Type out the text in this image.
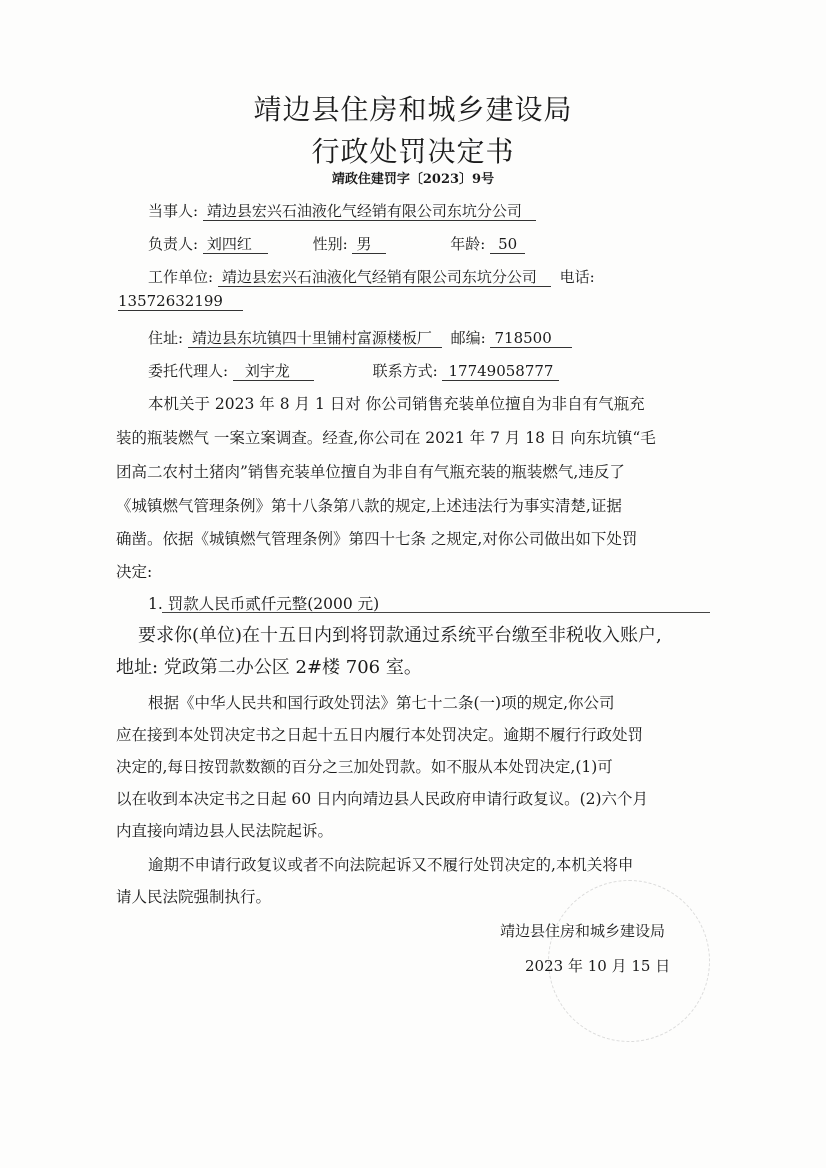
靖边县住房和城乡建设局
行政处罚决定书
靖政住建罚字〔2023〕9号
当事人: 靖边县宏兴石油液化气经销有限公司东坑分公司
负责人: 刘四红	性别: 男	年龄: 50
工作单位: 靖边县宏兴石油液化气经销有限公司东坑分公司 电话:
13572632199
住址: 靖边县东坑镇四十里铺村富源楼板厂 邮编: 718500
委托代理人: 刘宇龙	联系方式: 17749058777
本机关于 2023 年 8 月 1 日对 你公司销售充装单位擅自为非自有气瓶充
装的瓶装燃气 一案立案调查。经查,你公司在 2021 年 7 月 18 日 向东坑镇“毛
团高二农村土猪肉”销售充装单位擅自为非自有气瓶充装的瓶装燃气,违反了
《城镇燃气管理条例》第十八条第八款的规定,上述违法行为事实清楚,证据
确凿。依据《城镇燃气管理条例》第四十七条 之规定,对你公司做出如下处罚
决定:
1. 罚款人民币贰仟元整(2000 元)
要求你(单位)在十五日内到将罚款通过系统平台缴至非税收入账户,
地址: 党政第二办公区 2#楼 706 室。
根据《中华人民共和国行政处罚法》第七十二条(一)项的规定,你公司
应在接到本处罚决定书之日起十五日内履行本处罚决定。逾期不履行行政处罚
决定的,每日按罚款数额的百分之三加处罚款。如不服从本处罚决定,(1)可
以在收到本决定书之日起 60 日内向靖边县人民政府申请行政复议。(2)六个月
内直接向靖边县人民法院起诉。
逾期不申请行政复议或者不向法院起诉又不履行处罚决定的,本机关将申
请人民法院强制执行。
靖边县住房和城乡建设局
2023 年 10 月 15 日
